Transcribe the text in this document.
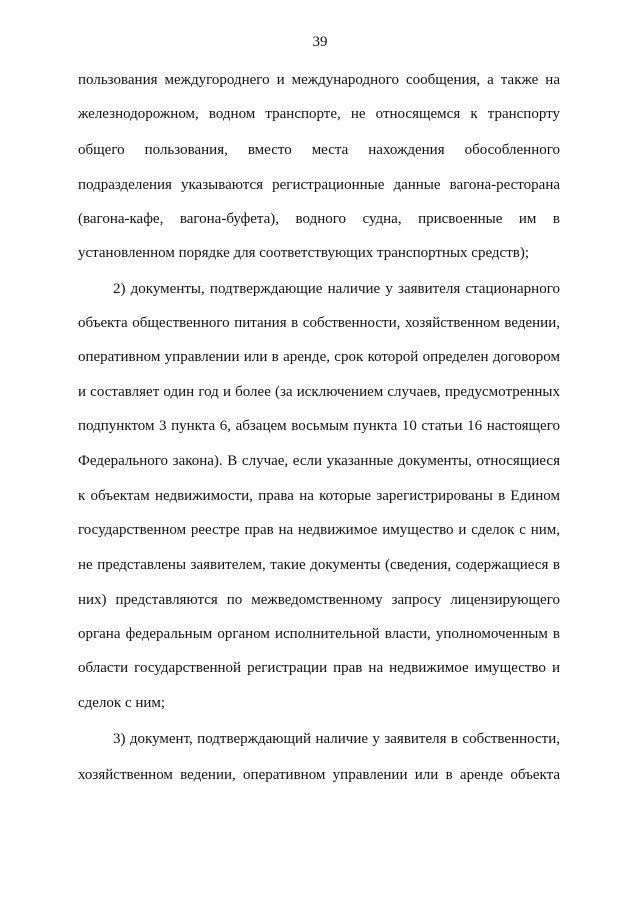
39
пользования междугороднего и международного сообщения, а также на
железнодорожном, водном транспорте, не относящемся к транспорту
общего пользования, вместо места нахождения обособленного
подразделения указываются регистрационные данные вагона-ресторана
(вагона-кафе, вагона-буфета), водного судна, присвоенные им в
установленном порядке для соответствующих транспортных средств);
2) документы, подтверждающие наличие у заявителя стационарного
объекта общественного питания в собственности, хозяйственном ведении,
оперативном управлении или в аренде, срок которой определен договором
и составляет один год и более (за исключением случаев, предусмотренных
подпунктом 3 пункта 6, абзацем восьмым пункта 10 статьи 16 настоящего
Федерального закона). В случае, если указанные документы, относящиеся
к объектам недвижимости, права на которые зарегистрированы в Едином
государственном реестре прав на недвижимое имущество и сделок с ним,
не представлены заявителем, такие документы (сведения, содержащиеся в
них) представляются по межведомственному запросу лицензирующего
органа федеральным органом исполнительной власти, уполномоченным в
области государственной регистрации прав на недвижимое имущество и
сделок с ним;
3) документ, подтверждающий наличие у заявителя в собственности,
хозяйственном ведении, оперативном управлении или в аренде объекта
